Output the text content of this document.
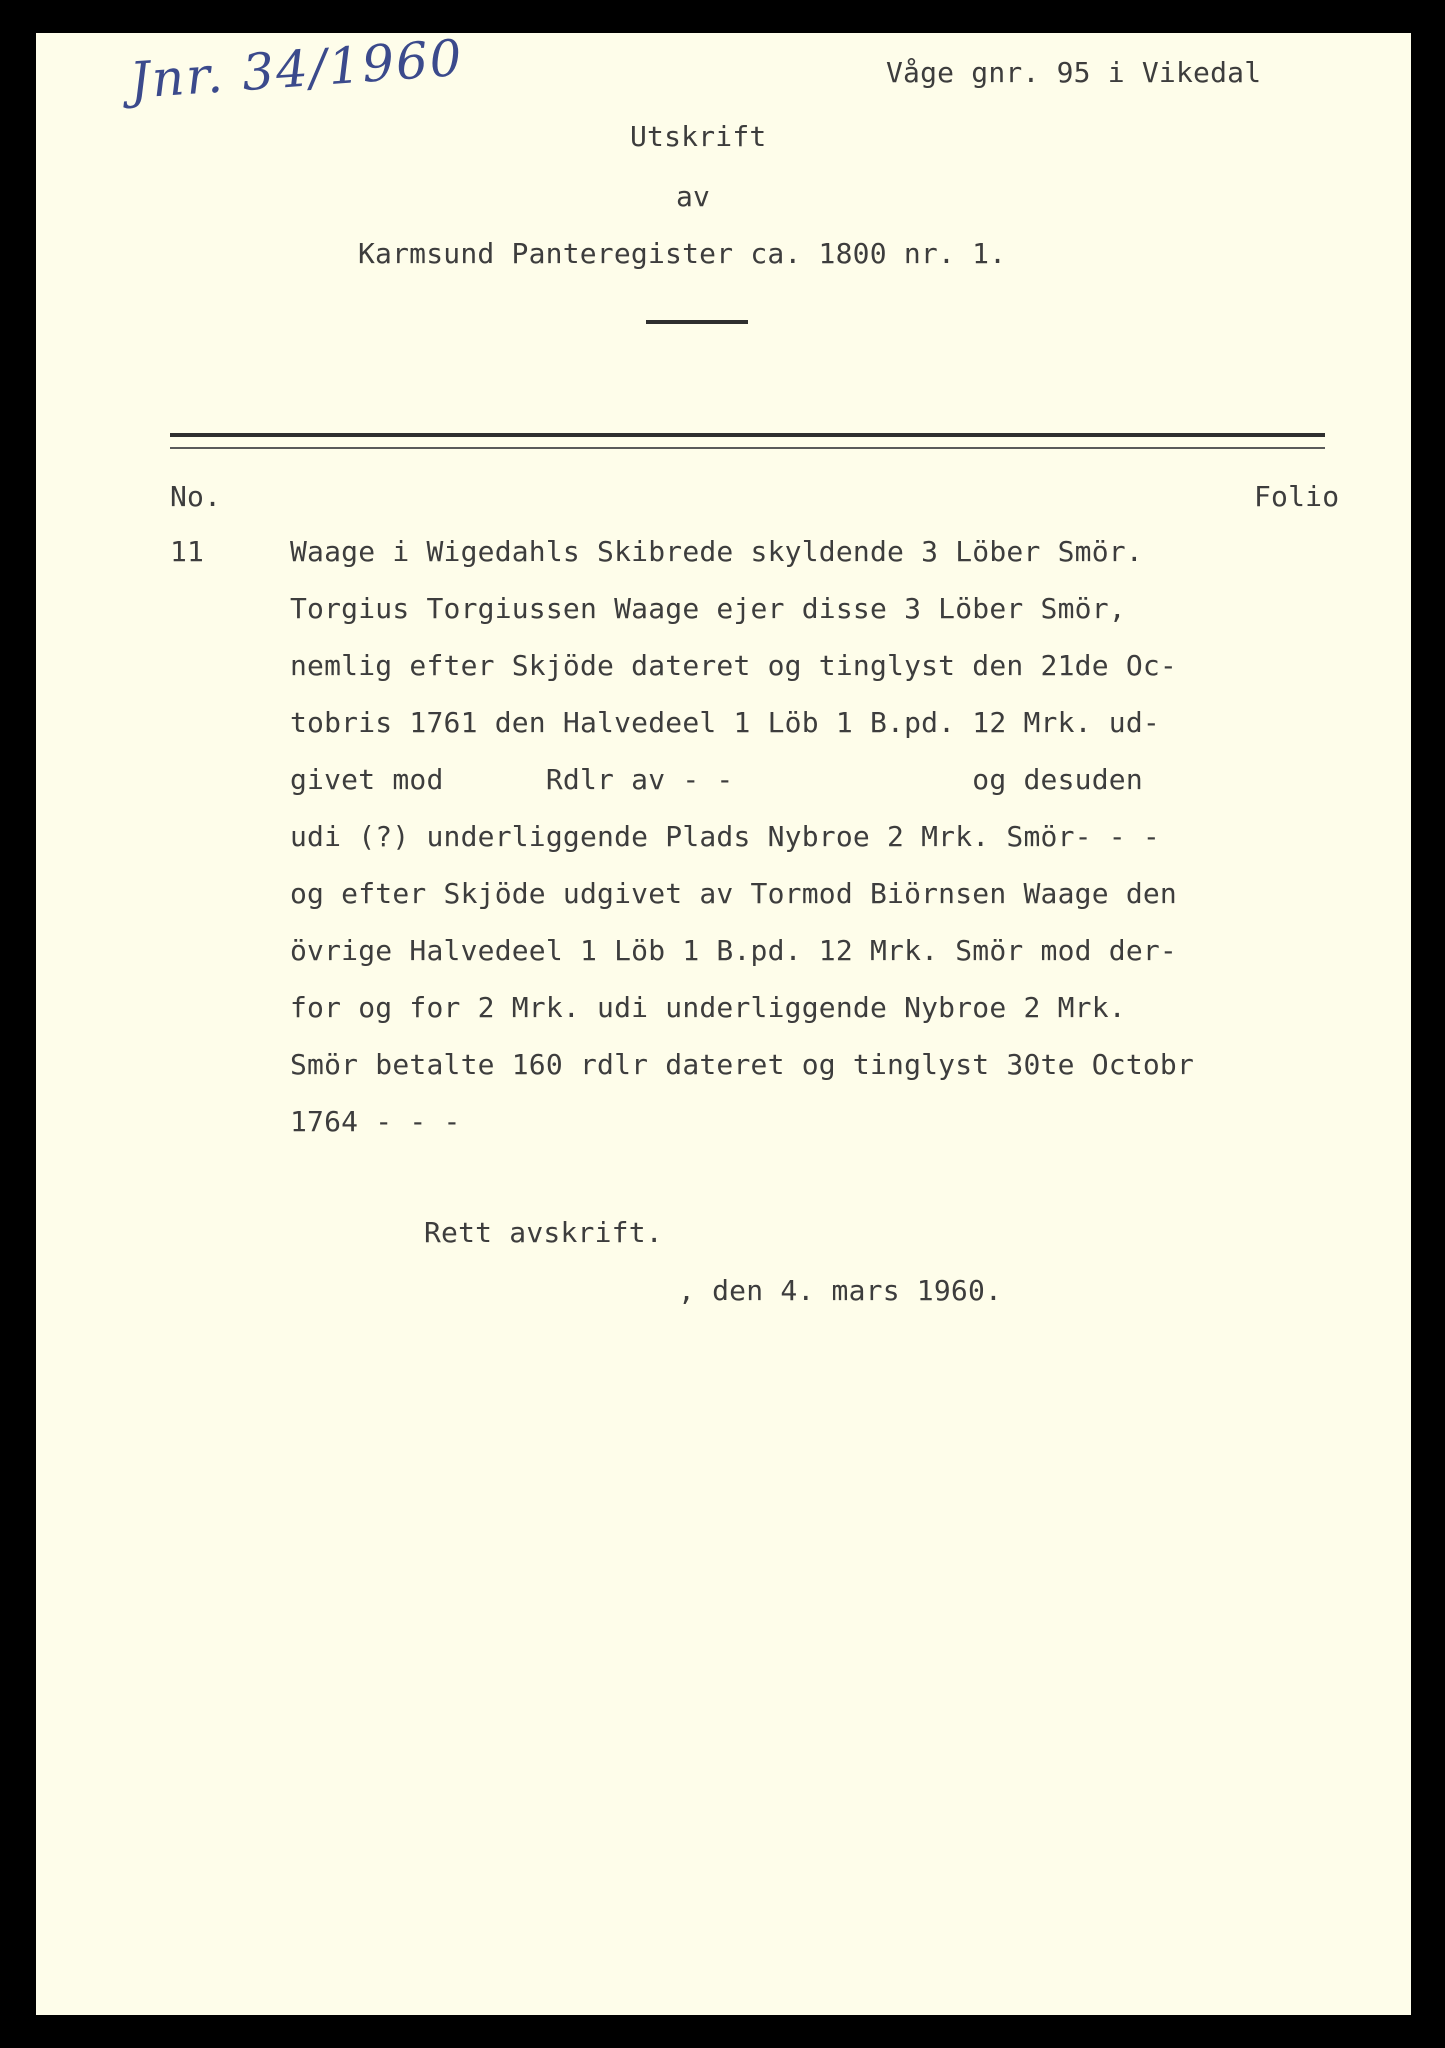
Jnr. 34/1960	Våge gnr. 95 i Vikedal
Utskrift
av
Karmsund Panteregister ca. 1800 nr. 1.
No.	Folio
11	Waage i Wigedahls Skibrede skyldende 3 Löber Smör.
Torgius Torgiussen Waage ejer disse 3 Löber Smör,
nemlig efter Skjöde dateret og tinglyst den 21de Oc-
tobris 1761 den Halvedeel 1 Löb 1 B.pd. 12 Mrk. ud-
givet mod      Rdlr av - -              og desuden
udi (?) underliggende Plads Nybroe 2 Mrk. Smör- - -
og efter Skjöde udgivet av Tormod Biörnsen Waage den
övrige Halvedeel 1 Löb 1 B.pd. 12 Mrk. Smör mod der-
for og for 2 Mrk. udi underliggende Nybroe 2 Mrk.
Smör betalte 160 rdlr dateret og tinglyst 30te Octobr
1764 - - -
Rett avskrift.
, den 4. mars 1960.
